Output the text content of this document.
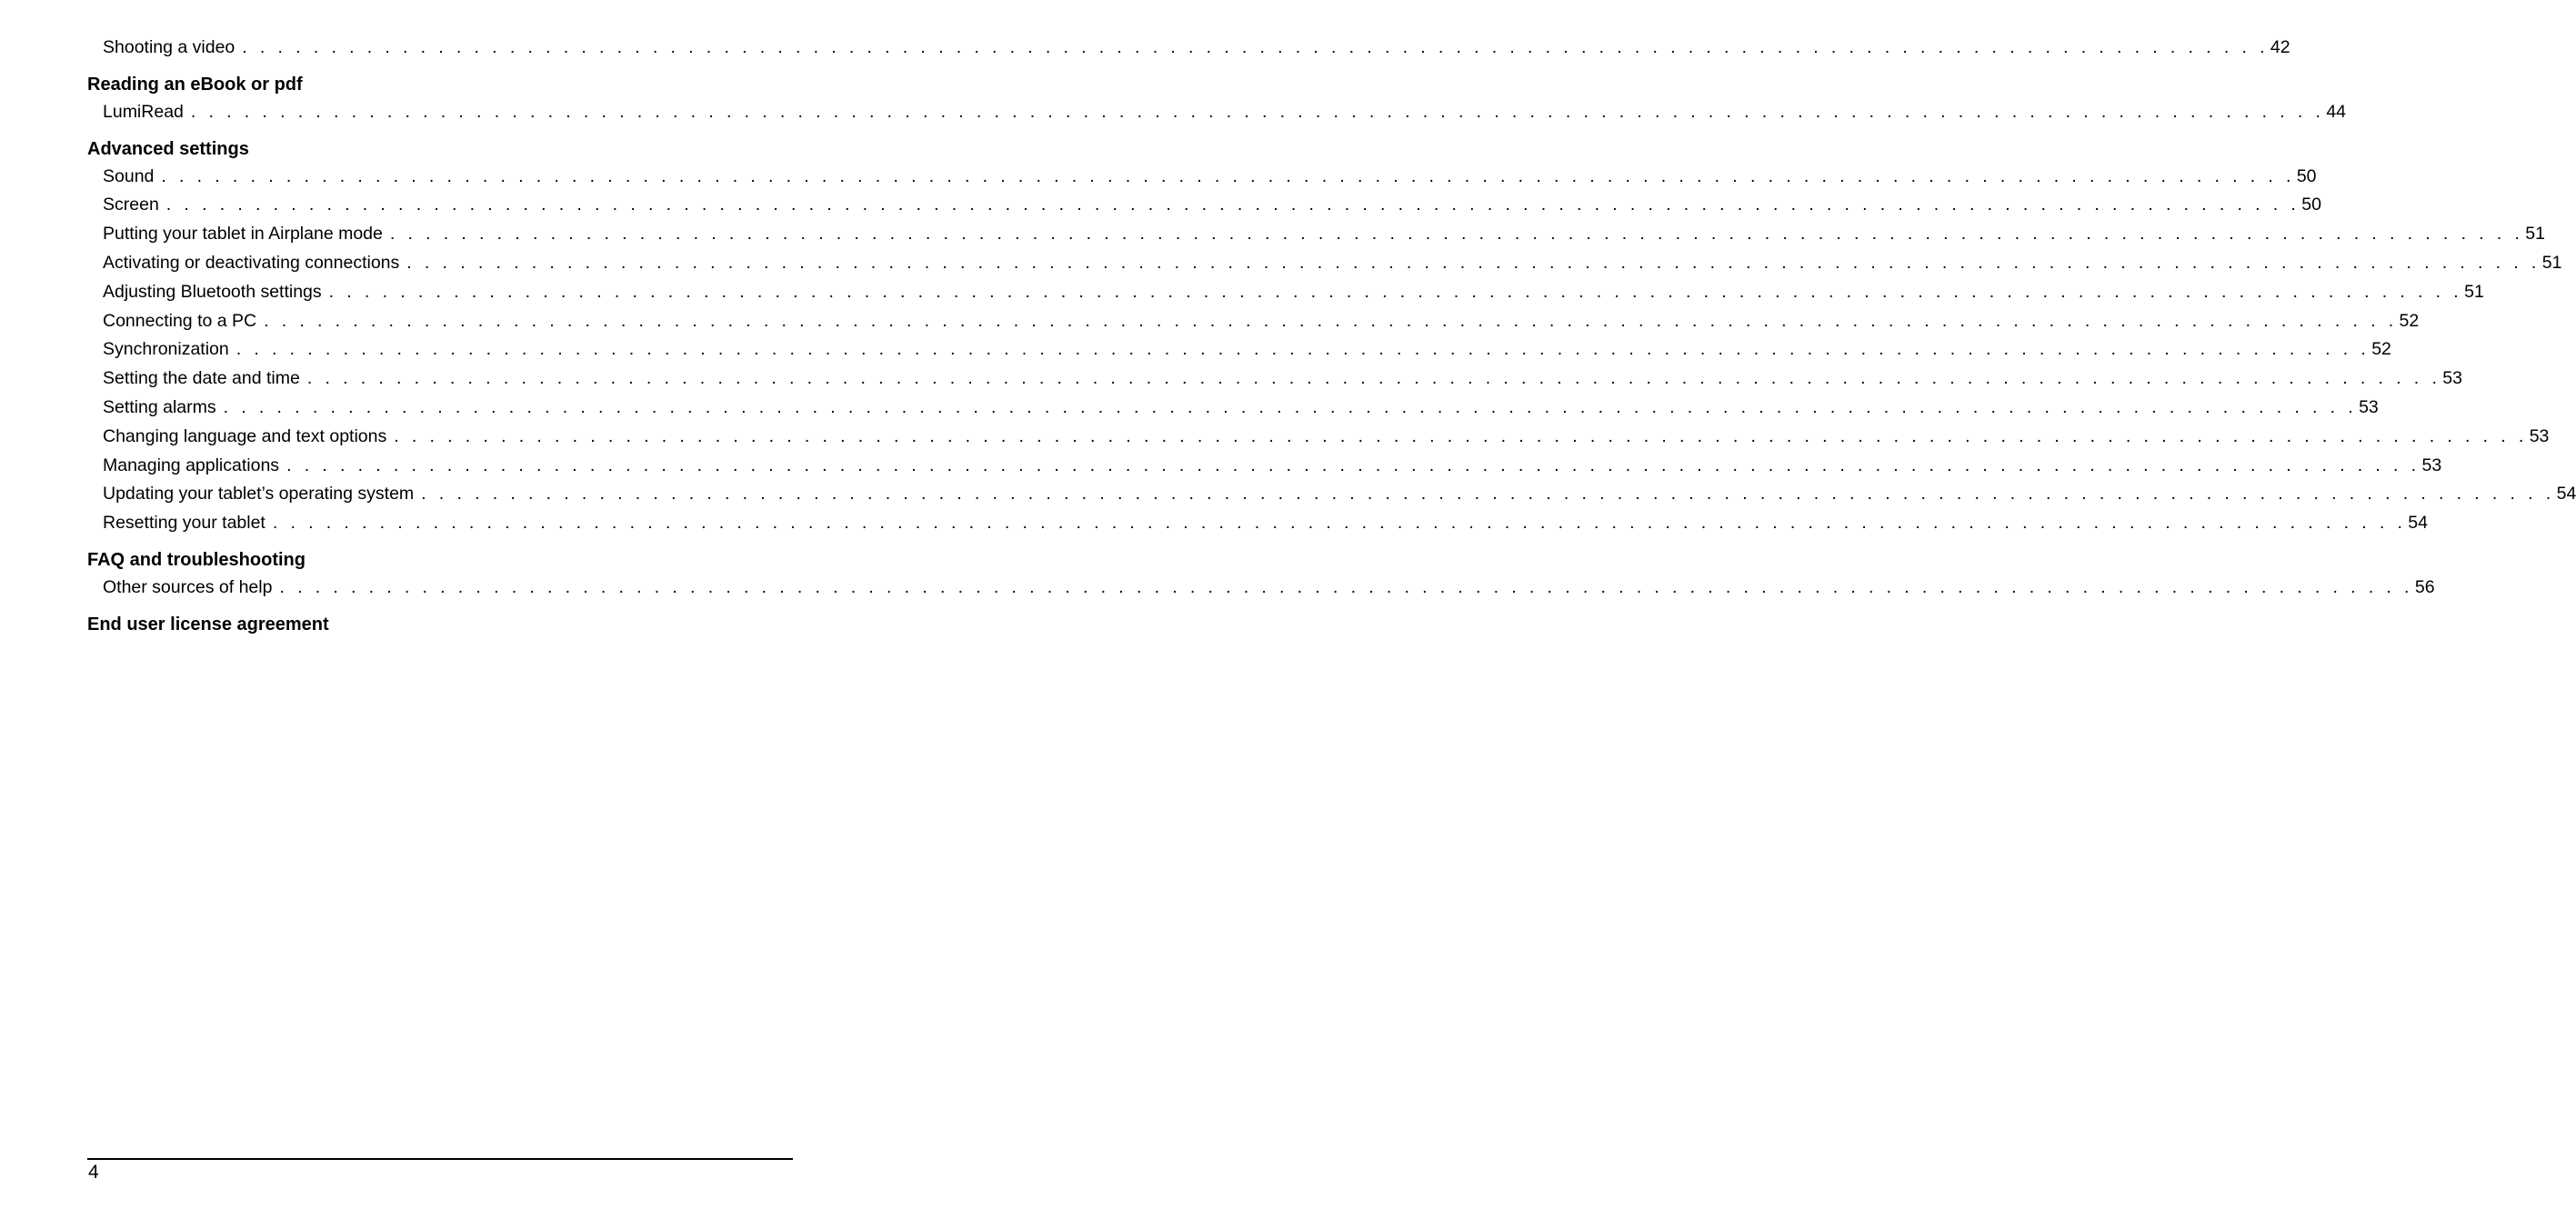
Shooting a video . . . . . . . . . . . . . . . . . . . . . . . . . . . . . . . . . . . . . . . . . . . . . . . . . . . . . . . . . . . . . . . . . . . . . . . . . . . . . . . . . . . . . . . . . . . . . . . . . . . . . . . . . . . . . . . . . . 42
Reading an eBook or pdf
LumiRead . . . . . . . . . . . . . . . . . . . . . . . . . . . . . . . . . . . . . . . . . . . . . . . . . . . . . . . . . . . . . . . . . . . . . . . . . . . . . . . . . . . . . . . . . . . . . . . . . . . . . . . . . . . . . . . . . . . . . . . . 44
Advanced settings
Sound . . . . . . . . . . . . . . . . . . . . . . . . . . . . . . . . . . . . . . . . . . . . . . . . . . . . . . . . . . . . . . . . . . . . . . . . . . . . . . . . . . . . . . . . . . . . . . . . . . . . . . . . . . . . . . . . . . . . . . . . 50
Screen . . . . . . . . . . . . . . . . . . . . . . . . . . . . . . . . . . . . . . . . . . . . . . . . . . . . . . . . . . . . . . . . . . . . . . . . . . . . . . . . . . . . . . . . . . . . . . . . . . . . . . . . . . . . . . . . . . . . . . . . 50
Putting your tablet in Airplane mode . . . . . . . . . . . . . . . . . . . . . . . . . . . . . . . . . . . . . . . . . . . . . . . . . . . . . . . . . . . . . . . . . . . . . . . . . . . . . . . . . . . . . . . . . . . . . . . . . . . . . . . . . . . . . . . . . . . . . . . . 51
Activating or deactivating connections . . . . . . . . . . . . . . . . . . . . . . . . . . . . . . . . . . . . . . . . . . . . . . . . . . . . . . . . . . . . . . . . . . . . . . . . . . . . . . . . . . . . . . . . . . . . . . . . . . . . . . . . . . . . . . . . . . . . . . . . 51
Adjusting Bluetooth settings . . . . . . . . . . . . . . . . . . . . . . . . . . . . . . . . . . . . . . . . . . . . . . . . . . . . . . . . . . . . . . . . . . . . . . . . . . . . . . . . . . . . . . . . . . . . . . . . . . . . . . . . . . . . . . . . . . . . . . . . 51
Connecting to a PC . . . . . . . . . . . . . . . . . . . . . . . . . . . . . . . . . . . . . . . . . . . . . . . . . . . . . . . . . . . . . . . . . . . . . . . . . . . . . . . . . . . . . . . . . . . . . . . . . . . . . . . . . . . . . . . . . . . . . . . . 52
Synchronization . . . . . . . . . . . . . . . . . . . . . . . . . . . . . . . . . . . . . . . . . . . . . . . . . . . . . . . . . . . . . . . . . . . . . . . . . . . . . . . . . . . . . . . . . . . . . . . . . . . . . . . . . . . . . . . . . . . . . . . . 52
Setting the date and time . . . . . . . . . . . . . . . . . . . . . . . . . . . . . . . . . . . . . . . . . . . . . . . . . . . . . . . . . . . . . . . . . . . . . . . . . . . . . . . . . . . . . . . . . . . . . . . . . . . . . . . . . . . . . . . . . . . . . . . . 53
Setting alarms . . . . . . . . . . . . . . . . . . . . . . . . . . . . . . . . . . . . . . . . . . . . . . . . . . . . . . . . . . . . . . . . . . . . . . . . . . . . . . . . . . . . . . . . . . . . . . . . . . . . . . . . . . . . . . . . . . . . . . . . 53
Changing language and text options . . . . . . . . . . . . . . . . . . . . . . . . . . . . . . . . . . . . . . . . . . . . . . . . . . . . . . . . . . . . . . . . . . . . . . . . . . . . . . . . . . . . . . . . . . . . . . . . . . . . . . . . . . . . . . . . . . . . . . . . 53
Managing applications . . . . . . . . . . . . . . . . . . . . . . . . . . . . . . . . . . . . . . . . . . . . . . . . . . . . . . . . . . . . . . . . . . . . . . . . . . . . . . . . . . . . . . . . . . . . . . . . . . . . . . . . . . . . . . . . . . . . . . . . 53
Updating your tablet’s operating system . . . . . . . . . . . . . . . . . . . . . . . . . . . . . . . . . . . . . . . . . . . . . . . . . . . . . . . . . . . . . . . . . . . . . . . . . . . . . . . . . . . . . . . . . . . . . . . . . . . . . . . . . . . . . . . . . . . . . . . . 54
Resetting your tablet . . . . . . . . . . . . . . . . . . . . . . . . . . . . . . . . . . . . . . . . . . . . . . . . . . . . . . . . . . . . . . . . . . . . . . . . . . . . . . . . . . . . . . . . . . . . . . . . . . . . . . . . . . . . . . . . . . . . . . . . 54
FAQ and troubleshooting
Other sources of help . . . . . . . . . . . . . . . . . . . . . . . . . . . . . . . . . . . . . . . . . . . . . . . . . . . . . . . . . . . . . . . . . . . . . . . . . . . . . . . . . . . . . . . . . . . . . . . . . . . . . . . . . . . . . . . . . . . . . . . . 56
End user license agreement
4
